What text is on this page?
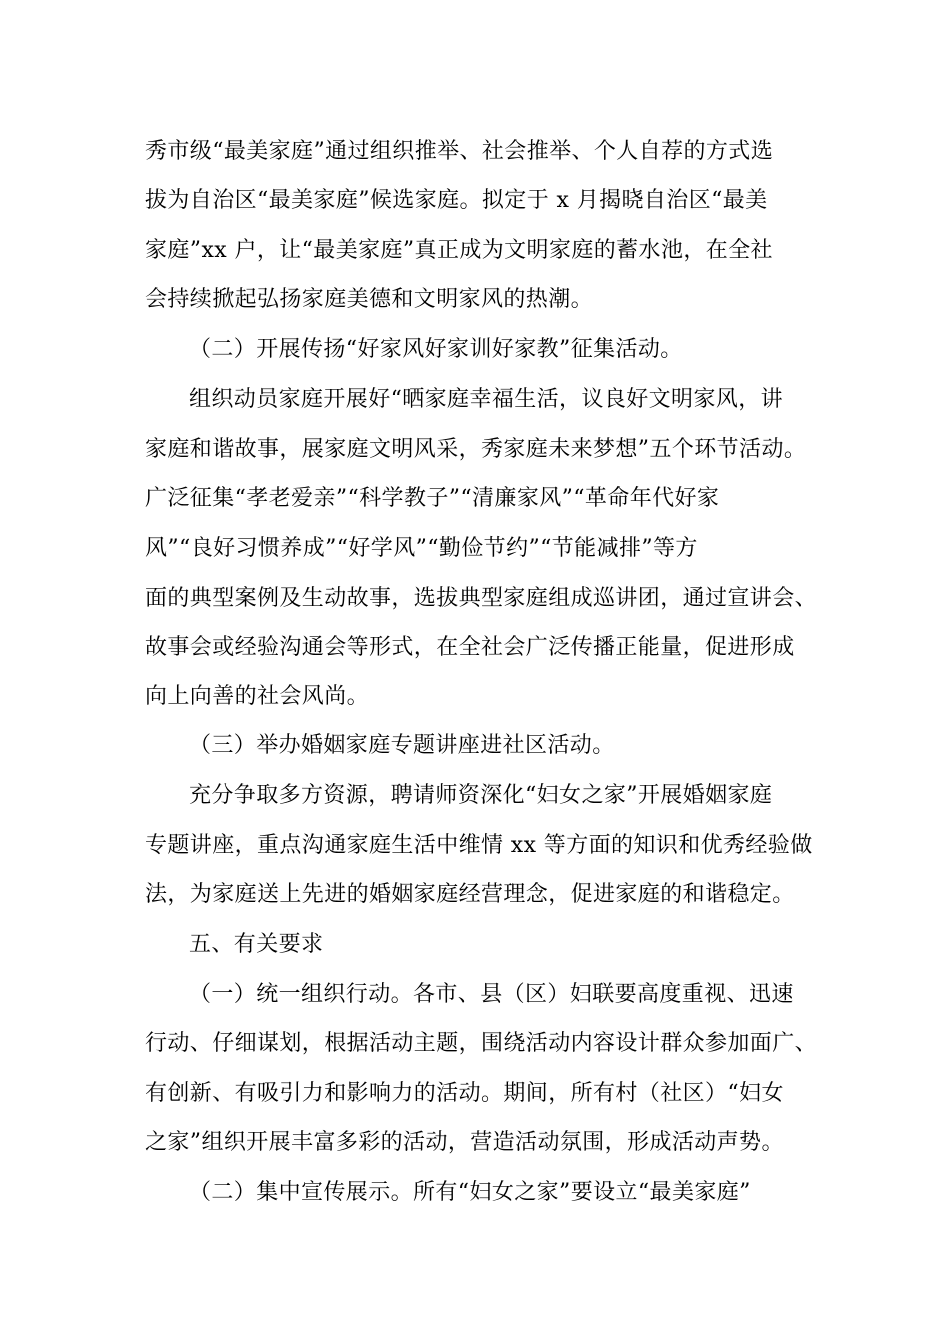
秀市级“最美家庭”通过组织推举、社会推举、个人自荐的方式选
拔为自治区“最美家庭”候选家庭。拟定于 x 月揭晓自治区“最美
家庭”xx 户，让“最美家庭”真正成为文明家庭的蓄水池，在全社
会持续掀起弘扬家庭美德和文明家风的热潮。
（二）开展传扬“好家风好家训好家教”征集活动。
组织动员家庭开展好“晒家庭幸福生活，议良好文明家风，讲
家庭和谐故事，展家庭文明风采，秀家庭未来梦想”五个环节活动。
广泛征集“孝老爱亲”“科学教子”“清廉家风”“革命年代好家
风”“良好习惯养成”“好学风”“勤俭节约”“节能减排”等方
面的典型案例及生动故事，选拔典型家庭组成巡讲团，通过宣讲会、
故事会或经验沟通会等形式，在全社会广泛传播正能量，促进形成
向上向善的社会风尚。
（三）举办婚姻家庭专题讲座进社区活动。
充分争取多方资源，聘请师资深化“妇女之家”开展婚姻家庭
专题讲座，重点沟通家庭生活中维情 xx 等方面的知识和优秀经验做
法，为家庭送上先进的婚姻家庭经营理念，促进家庭的和谐稳定。
五、有关要求
（一）统一组织行动。各市、县（区）妇联要高度重视、迅速
行动、仔细谋划，根据活动主题，围绕活动内容设计群众参加面广、
有创新、有吸引力和影响力的活动。期间，所有村（社区）“妇女
之家”组织开展丰富多彩的活动，营造活动氛围，形成活动声势。
（二）集中宣传展示。所有“妇女之家”要设立“最美家庭”
